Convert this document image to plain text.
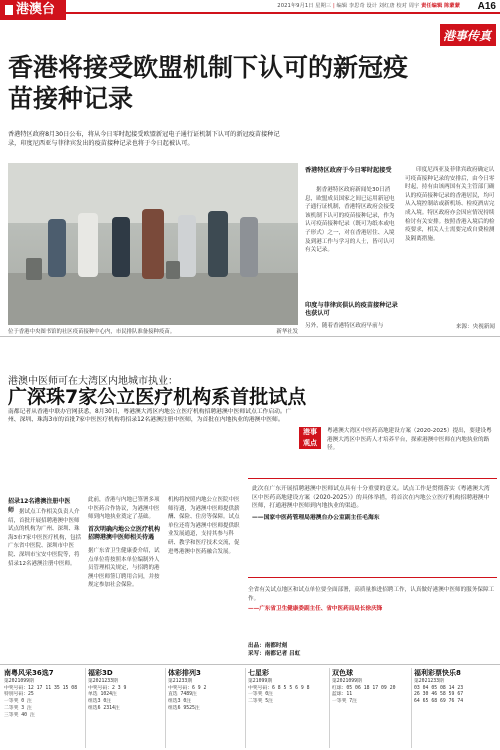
港澳台	2021年9月1日 星期三 | 编辑 李思奇 设计 刘红唐 校对 周宇 责任编辑 陈蒙蒙 A16
港事传真
香港将接受欧盟机制下认可的新冠疫苗接种记录
香港特区政府8月30日公布，将从今日零时起接受欧盟新冠电子通行证机制下认可的新冠疫苗接种记录，印度尼西亚与菲律宾发出的疫苗接种记录也将于今日起被认可。
位于香港中央图书馆的社区疫苗接种中心内，市民排队准备接种疫苗。	新华社发
香港特区政府于今日零时起接受
据香港特区政府新闻处30日消息，欧盟成员国家之间已运用新冠电子通行证机制，香港特区政府会接受该机制下认可的疫苗接种记录，作为认可疫苗接种纪录（既可为纸本或电子形式）之一，对在香港居住、入境及到港工作与学习的人士，皆可认可有关记录。
印度与菲律宾俱认的疫苗接种记录也获认可
另外，随着香港特区政府早前与
印度尼西亚及菲律宾政府确定认可疫苗接种记录的安排后，由今日零时起，持有由该两国有关主管部门确认的疫苗接种记录的香港居民，均可从入境控制站或新机场、检疫酒店完成入境。特区政府亦会因应情况持续检讨有关安排。按照香港入境后的检疫要求，相关人士需要完成自费检测及隔离措施。
来源：央视新闻
港澳中医师可在大湾区内地城市执业：
广深珠7家公立医疗机构系首批试点
南都记者从香港中联办官网获悉，8月30日，粤港澳大湾区内地公立医疗机构招聘港澳中医师试点工作启动。广州、深圳、珠海3市的首批7家中医医疗机构将招录12名港澳注册中医师，为首批在内地执业的港澳中医师。
港事 观点
粤港澳大湾区中医药高地建设方案（2020-2025）提出，要建设粤港澳大湾区中医药人才培养平台，探索港澳中医师在内地执业的路径。
招录12名港澳注册中医师 据试点工作相关负责人介绍，首批开展招聘港澳中医师试点的机构为广州、深圳、珠海3市7家中医医疗机构，包括广东省中医院、深圳市中医院、深圳市宝安中医院等，将招录12名港澳注册中医师。
此前，香港与内地已签署多项中医药合作协议，为港澳中医师到内地执业奠定了基础。
首次明确内地公立医疗机构招聘港澳中医师相关待遇
据广东省卫生健康委介绍，试点单位将按照本单位编制外人员管理相关规定，与招聘的港澳中医师签订聘用合同，并按规定参加社会保险。
机构将按照内地公立医院中医师待遇，为港澳中医师提供薪酬、保险、住房等保障。试点单位还将为港澳中医师提供职业发展通道，支持其参与科研、教学和医疗技术交流，促进粤港澳中医药融合发展。
此次在广东开展招聘港澳中医师试点具有十分重要的意义。试点工作是贯彻落实《粤港澳大湾区中医药高地建设方案（2020-2025）》的具体举措，将首次在内地公立医疗机构招聘港澳中医师，打通港澳中医师到内地执业的渠道。
——国家中医药管理局港澳台办公室副主任毛海东
全省有关试点地区和试点单位要全面部署，高质量推进招聘工作，认真做好港澳中医师的服务保障工作。
——广东省卫生健康委副主任、省中医药局局长徐庆锋
出品：南都时刻
采写：南都记者 吕虹
南粤风采36选7
第2021099期
中奖号码：12 17 11 35 15 08
特别号码：25
一等奖 0 注
二等奖 3 注
三等奖 40 注
福彩3D
第2021233期
中奖号码：2 3 9
单选 1024注
组选3 0注
组选6 2314注
体彩排列3
第21233期
中奖号码：6 9 2
直选 7489注
组选3 0注
组选6 9525注
七星彩
第21099期
中奖号码：6 8 5 5 6 9 8
一等奖 0注
二等奖 5注
双色球
第2021099期
红球：05 06 18 17 09 20
蓝球：11
一等奖 7注
福利彩票快乐8
第2021233期
03 04 05 08 14 23
26 30 46 58 59 67
64 65 68 69 76 74
